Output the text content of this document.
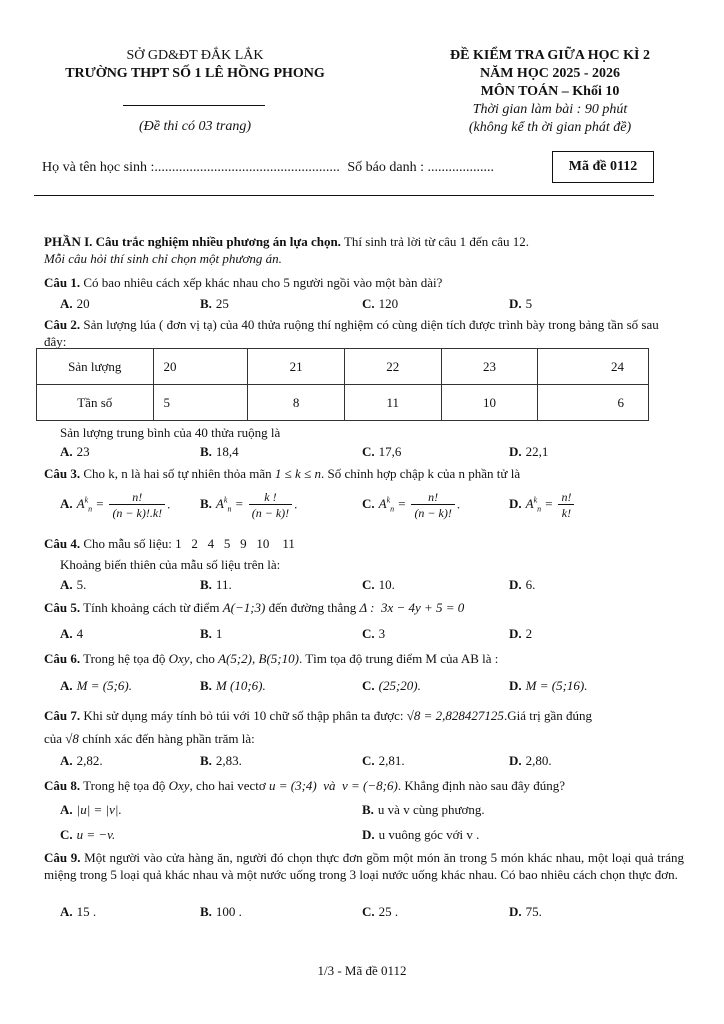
SỞ GD&ĐT ĐẮK LẮK
TRƯỜNG THPT SỐ 1 LÊ HỒNG PHONG
(Đề thi có 03 trang)
ĐỀ KIỂM TRA GIỮA HỌC KÌ 2
NĂM HỌC 2025 - 2026
MÔN TOÁN – Khối 10
Thời gian làm bài : 90 phút
(không kể th ời gian phát đề)
Họ và tên học sinh :..................................................... Số báo danh : ...................	Mã đề 0112
PHẦN I. Câu trắc nghiệm nhiều phương án lựa chọn. Thí sinh trả lời từ câu 1 đến câu 12.
Mỗi câu hỏi thí sinh chỉ chọn một phương án.
Câu 1. Có bao nhiêu cách xếp khác nhau cho 5 người ngồi vào một bàn dài?
A. 20	B. 25	C. 120	D. 5
Câu 2. Sản lượng lúa ( đơn vị tạ) của 40 thửa ruộng thí nghiệm có cùng diện tích được trình bày trong bảng tần số sau đây:
Sản lượng	20	21	22	23	24
Tần số	5	8	11	10	6
Sản lượng trung bình của 40 thửa ruộng là
A. 23	B. 18,4	C. 17,6	D. 22,1
Câu 3. Cho k, n là hai số tự nhiên thỏa mãn 1 ≤ k ≤ n. Số chỉnh hợp chập k của n phần tử là
A. $A^k_n = \frac{n!}{(n - k)!.k!}$ . B. $A^k_n = \frac{k !}{(n - k)!}$ .	C. $A^k_n = \frac{n!}{(n - k)!}$ .	D. $A^k_n = \frac{n!}{k!}$
Câu 4. Cho mẫu số liệu: 1   2   4   5   9   10    11
Khoảng biến thiên của mẫu số liệu trên là:
A. 5.	B. 11.	C. 10.	D. 6.
Câu 5. Tính khoảng cách từ điểm A(−1;3) đến đường thẳng Δ :  3x − 4y + 5 = 0
A. 4	B. 1	C. 3	D. 2
Câu 6. Trong hệ tọa độ Oxy, cho A(5;2), B(5;10). Tìm tọa độ trung điểm M của AB là :
A. M = (5;6).	B. M (10;6).	C. (25;20).	D. M = (5;16).
Câu 7. Khi sử dụng máy tính bỏ túi với 10 chữ số thập phân ta được: √8 = 2,828427125.Giá trị gần đúng
của √8 chính xác đến hàng phần trăm là:
A. 2,82.	B. 2,83.	C. 2,81.	D. 2,80.
Câu 8. Trong hệ tọa độ Oxy, cho hai vectơ u = (3;4)  và  v = (−8;6). Khẳng định nào sau đây đúng?
A. |u| = |v|.	B. u và v cùng phương.
C. u = −v.	D. u vuông góc với v .
Câu 9. Một người vào cửa hàng ăn, người đó chọn thực đơn gồm một món ăn trong 5 món khác nhau, một loại quả tráng miệng trong 5 loại quả khác nhau và một nước uống trong 3 loại nước uống khác nhau. Có bao nhiêu cách chọn thực đơn.
A. 15 .	B. 100 .	C. 25 .	D. 75.
1/3 - Mã đề 0112
